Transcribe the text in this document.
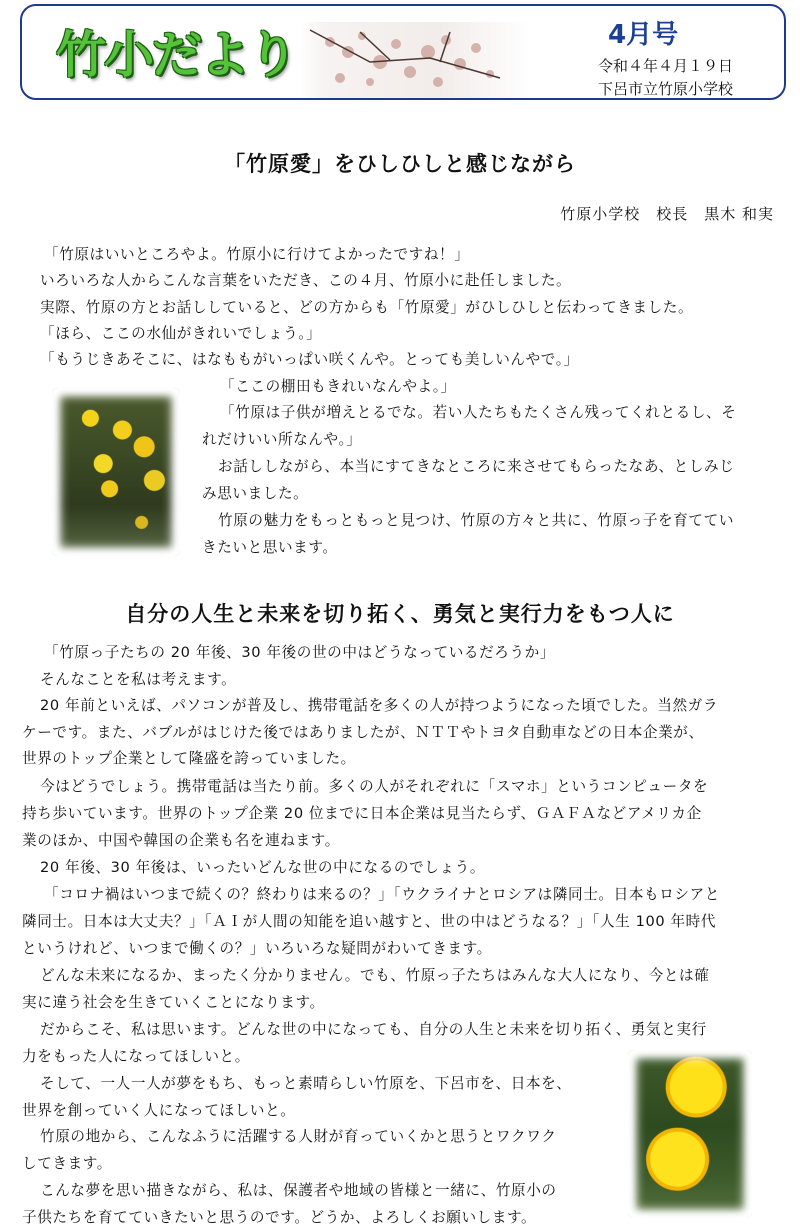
竹小だより	4月号
令和４年４月１９日
下呂市立竹原小学校
「竹原愛」をひしひしと感じながら
竹原小学校　校長　黒木 和実
「竹原はいいところやよ。竹原小に行けてよかったですね！」
いろいろな人からこんな言葉をいただき、この４月、竹原小に赴任しました。
実際、竹原の方とお話ししていると、どの方からも「竹原愛」がひしひしと伝わってきました。
「ほら、ここの水仙がきれいでしょう。」
「もうじきあそこに、はなももがいっぱい咲くんや。とっても美しいんやで。」
「ここの棚田もきれいなんやよ。」
「竹原は子供が増えとるでな。若い人たちもたくさん残ってくれとるし、そ
れだけいい所なんや。」
お話ししながら、本当にすてきなところに来させてもらったなあ、としみじ
み思いました。
竹原の魅力をもっともっと見つけ、竹原の方々と共に、竹原っ子を育ててい
きたいと思います。
自分の人生と未来を切り拓く、勇気と実行力をもつ人に
「竹原っ子たちの 20 年後、30 年後の世の中はどうなっているだろうか」
そんなことを私は考えます。
20 年前といえば、パソコンが普及し、携帯電話を多くの人が持つようになった頃でした。当然ガラ
ケーです。また、バブルがはじけた後ではありましたが、ＮＴＴやトヨタ自動車などの日本企業が、
世界のトップ企業として隆盛を誇っていました。
今はどうでしょう。携帯電話は当たり前。多くの人がそれぞれに「スマホ」というコンピュータを
持ち歩いています。世界のトップ企業 20 位までに日本企業は見当たらず、ＧＡＦＡなどアメリカ企
業のほか、中国や韓国の企業も名を連ねます。
20 年後、30 年後は、いったいどんな世の中になるのでしょう。
「コロナ禍はいつまで続くの？終わりは来るの？」「ウクライナとロシアは隣同士。日本もロシアと
隣同士。日本は大丈夫？」「ＡＩが人間の知能を追い越すと、世の中はどうなる？」「人生 100 年時代
というけれど、いつまで働くの？」いろいろな疑問がわいてきます。
どんな未来になるか、まったく分かりません。でも、竹原っ子たちはみんな大人になり、今とは確
実に違う社会を生きていくことになります。
だからこそ、私は思います。どんな世の中になっても、自分の人生と未来を切り拓く、勇気と実行
力をもった人になってほしいと。
そして、一人一人が夢をもち、もっと素晴らしい竹原を、下呂市を、日本を、
世界を創っていく人になってほしいと。
竹原の地から、こんなふうに活躍する人財が育っていくかと思うとワクワク
してきます。
こんな夢を思い描きながら、私は、保護者や地域の皆様と一緒に、竹原小の
子供たちを育てていきたいと思うのです。どうか、よろしくお願いします。
